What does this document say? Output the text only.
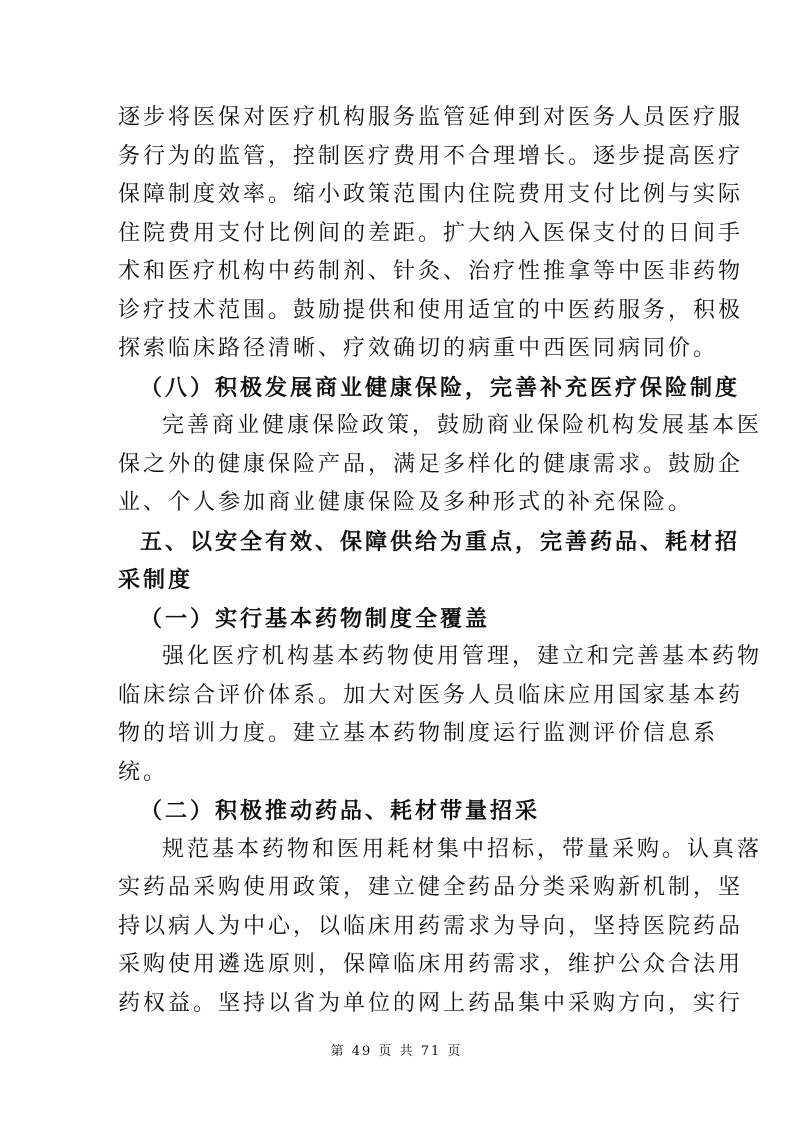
逐步将医保对医疗机构服务监管延伸到对医务人员医疗服
务行为的监管，控制医疗费用不合理增长。逐步提高医疗
保障制度效率。缩小政策范围内住院费用支付比例与实际
住院费用支付比例间的差距。扩大纳入医保支付的日间手
术和医疗机构中药制剂、针灸、治疗性推拿等中医非药物
诊疗技术范围。鼓励提供和使用适宜的中医药服务，积极
探索临床路径清晰、疗效确切的病重中西医同病同价。
（八）积极发展商业健康保险，完善补充医疗保险制度
完善商业健康保险政策，鼓励商业保险机构发展基本医
保之外的健康保险产品，满足多样化的健康需求。鼓励企
业、个人参加商业健康保险及多种形式的补充保险。
五、以安全有效、保障供给为重点，完善药品、耗材招
采制度
（一）实行基本药物制度全覆盖
强化医疗机构基本药物使用管理，建立和完善基本药物
临床综合评价体系。加大对医务人员临床应用国家基本药
物的培训力度。建立基本药物制度运行监测评价信息系
统。
（二）积极推动药品、耗材带量招采
规范基本药物和医用耗材集中招标，带量采购。认真落
实药品采购使用政策，建立健全药品分类采购新机制，坚
持以病人为中心，以临床用药需求为导向，坚持医院药品
采购使用遴选原则，保障临床用药需求，维护公众合法用
药权益。坚持以省为单位的网上药品集中采购方向，实行
第 49 页 共 71 页
